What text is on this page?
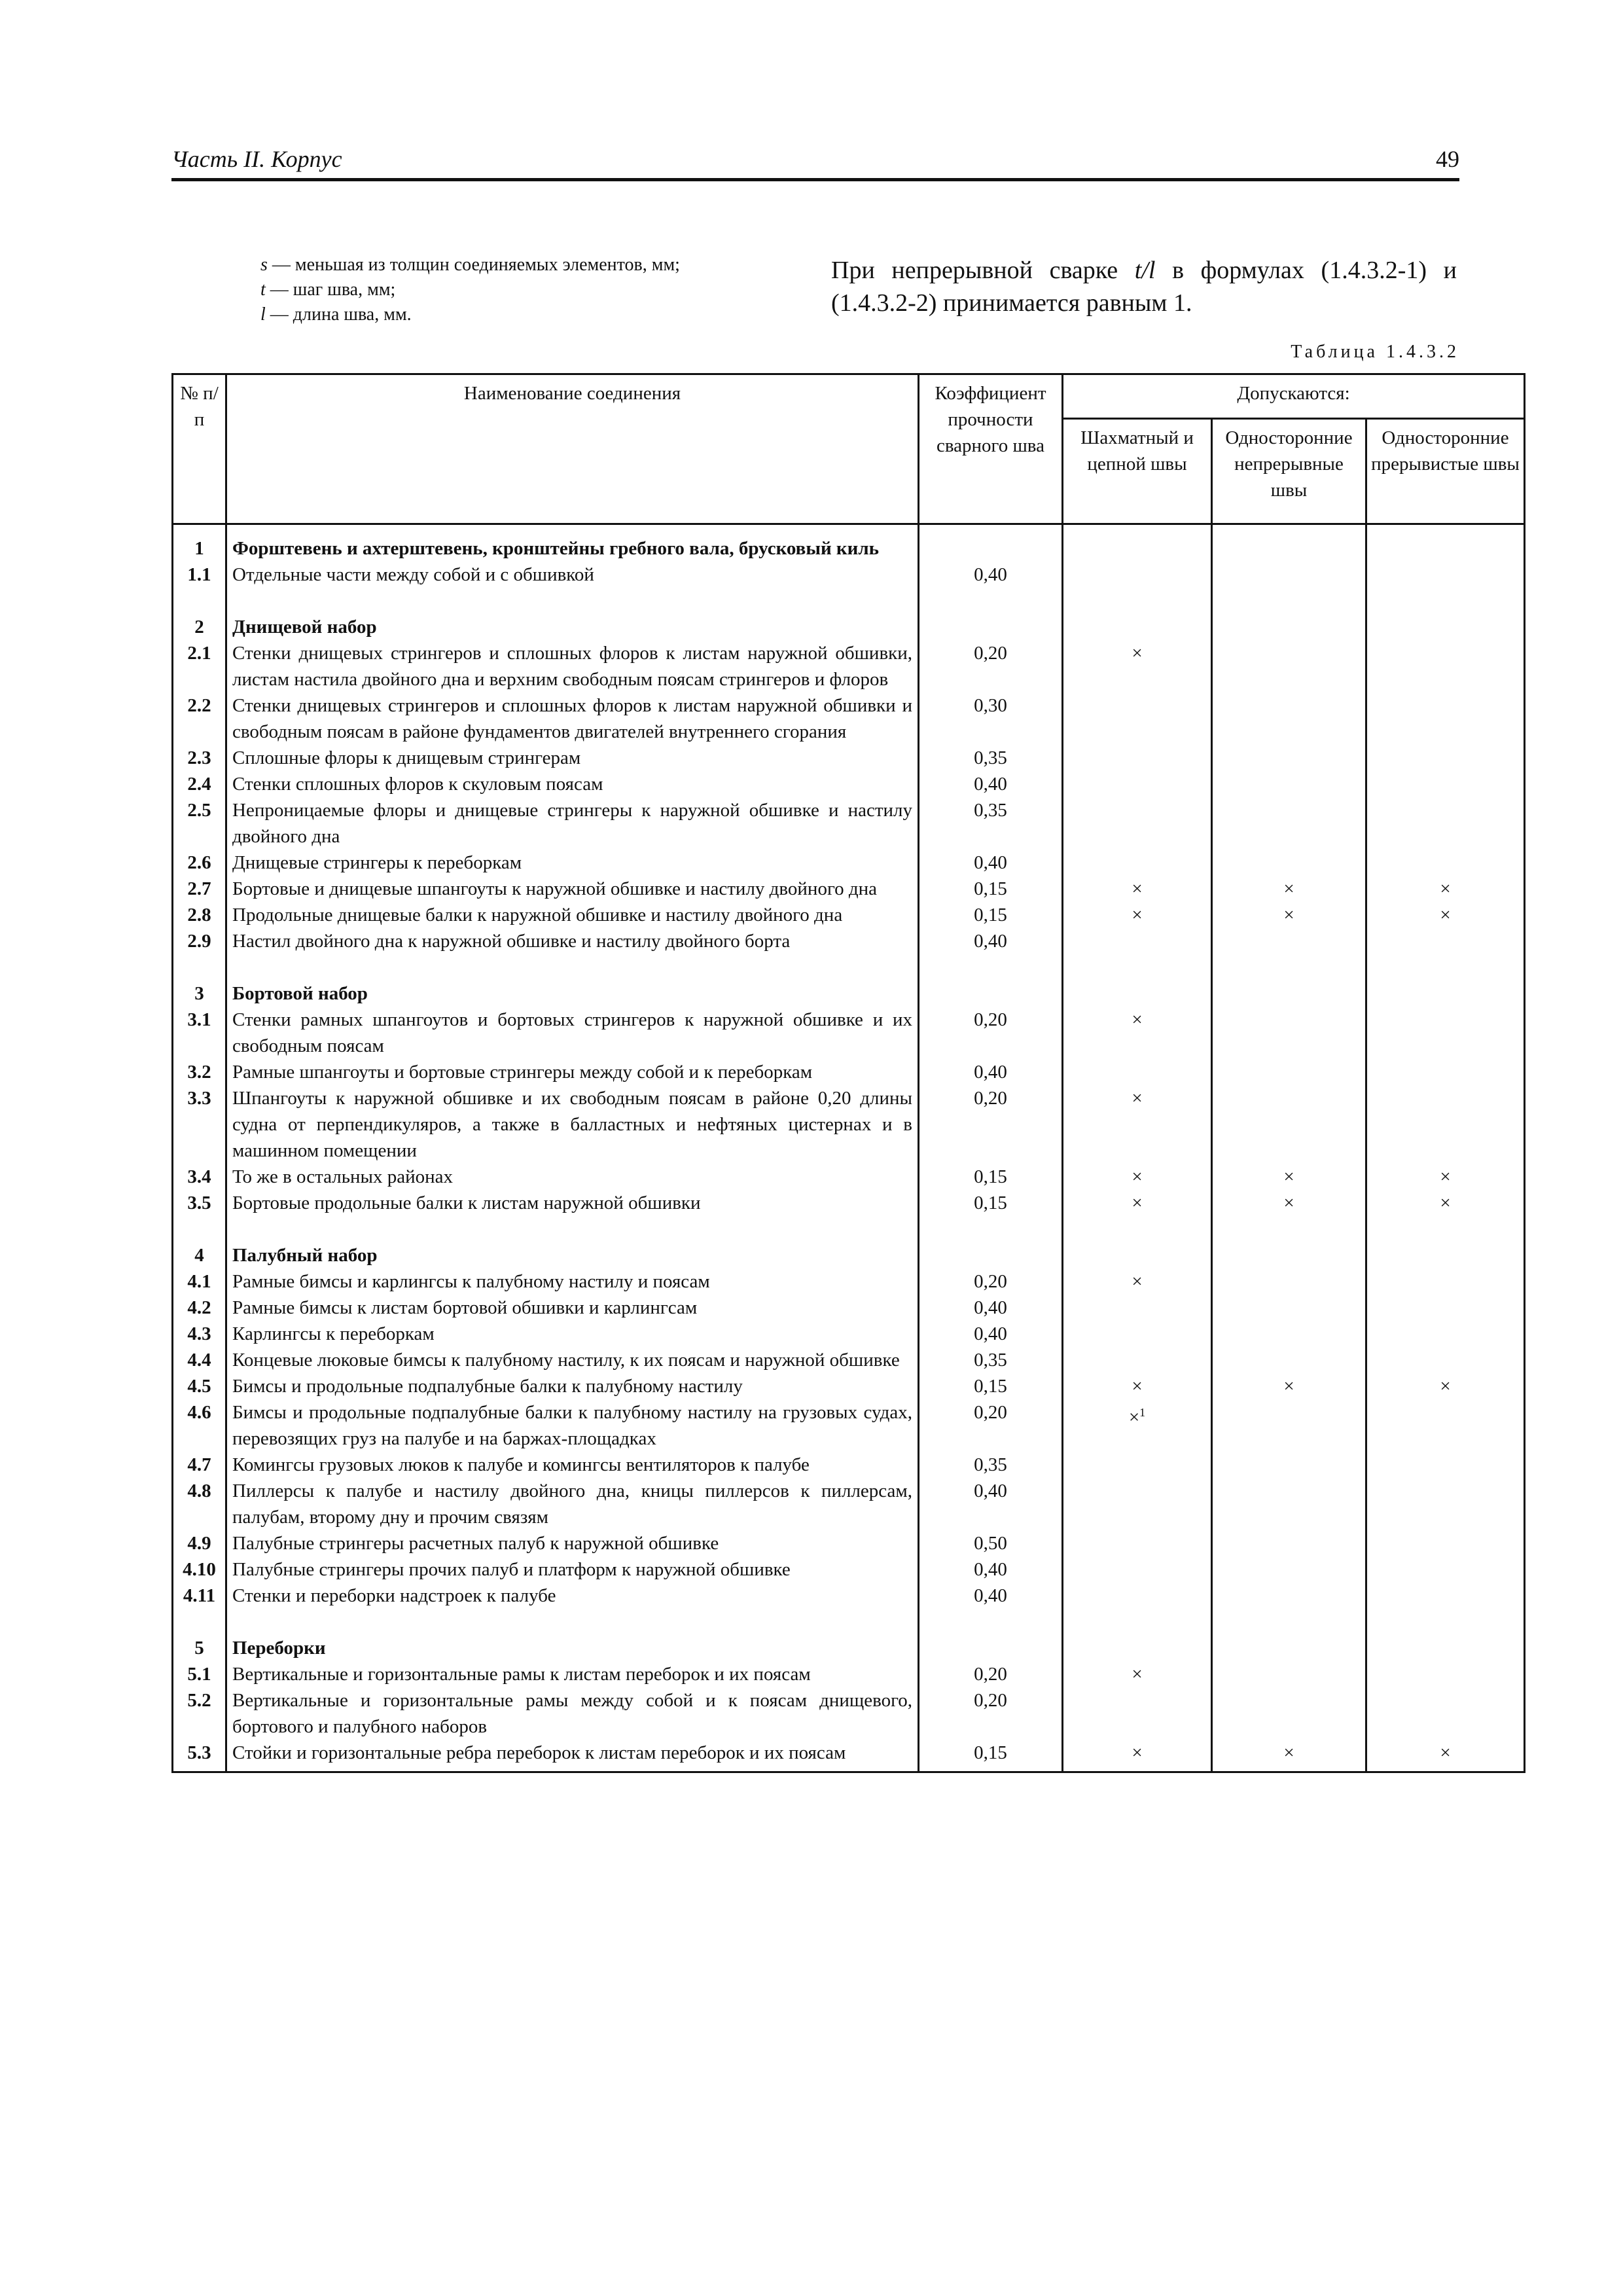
Часть II. Корпус	49
s — меньшая из толщин соединяемых элементов, мм;
t — шаг шва, мм;
l — длина шва, мм.
При непрерывной сварке t/l в формулах (1.4.3.2-1) и (1.4.3.2-2) принимается равным 1.
Таблица 1.4.3.2
№ п/п	Наименование соединения	Коэффициент прочности сварного шва	Допускаются:		
			Шахматный и цепной швы	Односторонние непрерывные швы	Односторонние прерывистые швы
1	Форштевень и ахтерштевень, кронштейны гребного вала, брусковый киль				
1.1	Отдельные части между собой и с обшивкой	0,40			

2	Днищевой набор				
2.1	Стенки днищевых стрингеров и сплошных флоров к листам наружной обшивки, листам настила двойного дна и верхним свободным поясам стрингеров и флоров	0,20	×		
2.2	Стенки днищевых стрингеров и сплошных флоров к листам наружной обшивки и свободным поясам в районе фундаментов двигателей внутреннего сгорания	0,30			
2.3	Сплошные флоры к днищевым стрингерам	0,35			
2.4	Стенки сплошных флоров к скуловым поясам	0,40			
2.5	Непроницаемые флоры и днищевые стрингеры к наружной обшивке и настилу двойного дна	0,35			
2.6	Днищевые стрингеры к переборкам	0,40			
2.7	Бортовые и днищевые шпангоуты к наружной обшивке и настилу двойного дна	0,15	×	×	×
2.8	Продольные днищевые балки к наружной обшивке и настилу двойного дна	0,15	×	×	×
2.9	Настил двойного дна к наружной обшивке и настилу двойного борта	0,40			

3	Бортовой набор				
3.1	Стенки рамных шпангоутов и бортовых стрингеров к наружной обшивке и их свободным поясам	0,20	×		
3.2	Рамные шпангоуты и бортовые стрингеры между собой и к переборкам	0,40			
3.3	Шпангоуты к наружной обшивке и их свободным поясам в районе 0,20 длины судна от перпендикуляров, а также в балластных и нефтяных цистернах и в машинном помещении	0,20	×		
3.4	То же в остальных районах	0,15	×	×	×
3.5	Бортовые продольные балки к листам наружной обшивки	0,15	×	×	×

4	Палубный набор				
4.1	Рамные бимсы и карлингсы к палубному настилу и поясам	0,20	×		
4.2	Рамные бимсы к листам бортовой обшивки и карлингсам	0,40			
4.3	Карлингсы к переборкам	0,40			
4.4	Концевые люковые бимсы к палубному настилу, к их поясам и наружной обшивке	0,35			
4.5	Бимсы и продольные подпалубные балки к палубному настилу	0,15	×	×	×
4.6	Бимсы и продольные подпалубные балки к палубному настилу на грузовых судах, перевозящих груз на палубе и на баржах-площадках	0,20	×$^1$		
4.7	Комингсы грузовых люков к палубе и комингсы вентиляторов к палубе	0,35			
4.8	Пиллерсы к палубе и настилу двойного дна, кницы пиллерсов к пиллерсам, палубам, второму дну и прочим связям	0,40			
4.9	Палубные стрингеры расчетных палуб к наружной обшивке	0,50			
4.10	Палубные стрингеры прочих палуб и платформ к наружной обшивке	0,40			
4.11	Стенки и переборки надстроек к палубе	0,40			

5	Переборки				
5.1	Вертикальные и горизонтальные рамы к листам переборок и их поясам	0,20	×		
5.2	Вертикальные и горизонтальные рамы между собой и к поясам днищевого, бортового и палубного наборов	0,20			
5.3	Стойки и горизонтальные ребра переборок к листам переборок и их поясам	0,15	×	×	×
